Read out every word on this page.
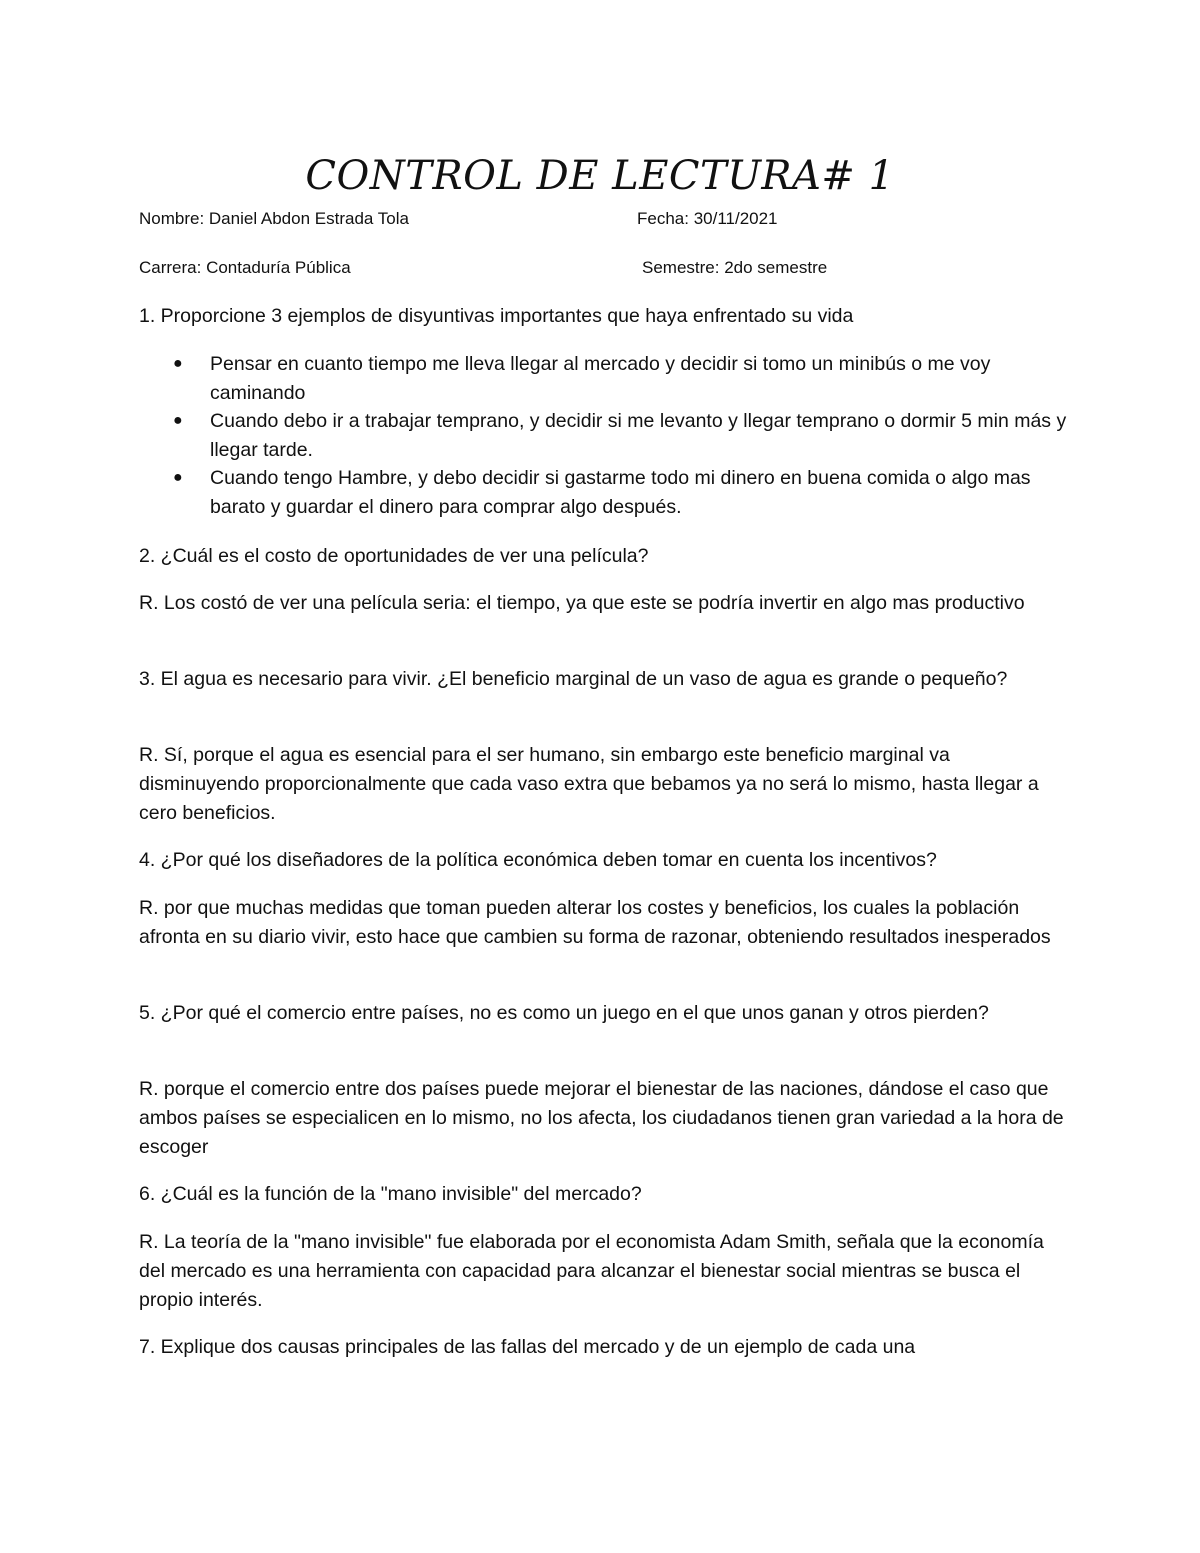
CONTROL DE LECTURA# 1
Nombre: Daniel Abdon Estrada Tola	Fecha: 30/11/2021
Carrera: Contaduría Pública	Semestre: 2do semestre

1. Proporcione 3 ejemplos de disyuntivas importantes que haya enfrentado su vida

● Pensar en cuanto tiempo me lleva llegar al mercado y decidir si tomo un minibús o me voy caminando
● Cuando debo ir a trabajar temprano, y decidir si me levanto y llegar temprano o dormir 5 min más y llegar tarde.
● Cuando tengo Hambre, y debo decidir si gastarme todo mi dinero en buena comida o algo mas barato y guardar el dinero para comprar algo después.

2. ¿Cuál es el costo de oportunidades de ver una película?

R. Los costó de ver una película seria: el tiempo, ya que este se podría invertir en algo mas productivo

3. El agua es necesario para vivir. ¿El beneficio marginal de un vaso de agua es grande o pequeño?

R. Sí, porque el agua es esencial para el ser humano, sin embargo este beneficio marginal va disminuyendo proporcionalmente que cada vaso extra que bebamos ya no será lo mismo, hasta llegar a cero beneficios.

4. ¿Por qué los diseñadores de la política económica deben tomar en cuenta los incentivos?

R. por que muchas medidas que toman pueden alterar los costes y beneficios, los cuales la población afronta en su diario vivir, esto hace que cambien su forma de razonar, obteniendo resultados inesperados

5. ¿Por qué el comercio entre países, no es como un juego en el que unos ganan y otros pierden?

R. porque el comercio entre dos países puede mejorar el bienestar de las naciones, dándose el caso que ambos países se especialicen en lo mismo, no los afecta, los ciudadanos tienen gran variedad a la hora de escoger

6. ¿Cuál es la función de la "mano invisible" del mercado?

R. La teoría de la "mano invisible" fue elaborada por el economista Adam Smith, señala que la economía del mercado es una herramienta con capacidad para alcanzar el bienestar social mientras se busca el propio interés.

7. Explique dos causas principales de las fallas del mercado y de un ejemplo de cada una
